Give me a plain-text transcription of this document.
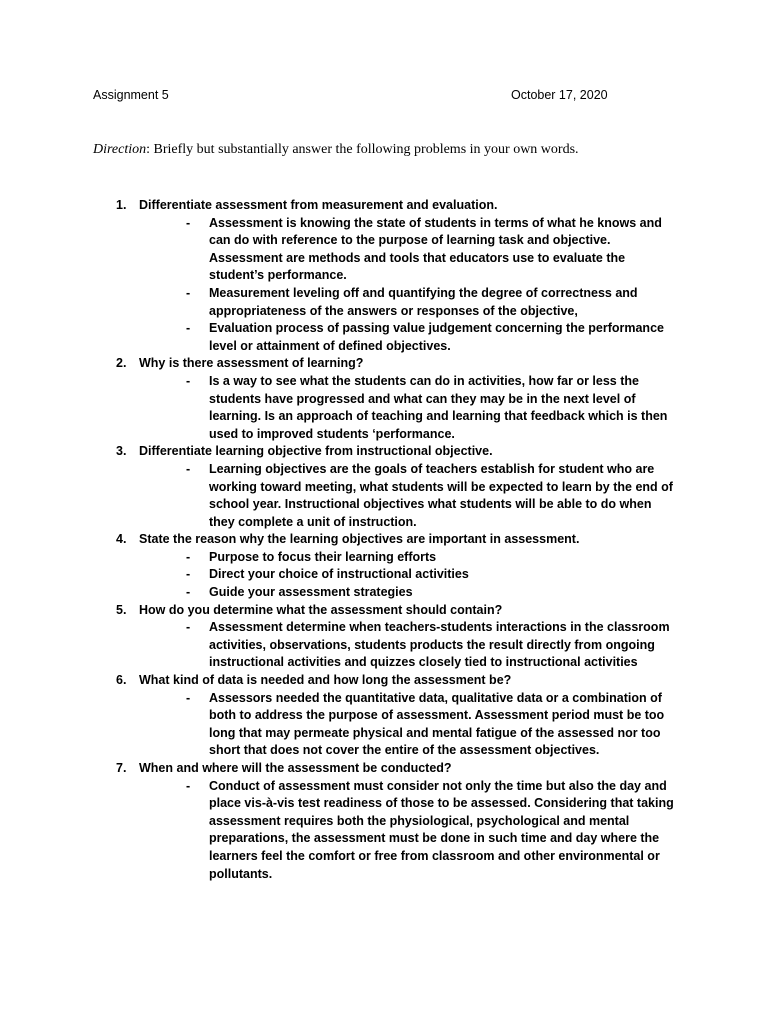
Assignment 5	October 17, 2020
Direction: Briefly but substantially answer the following problems in your own words.
1. Differentiate assessment from measurement and evaluation.
- Assessment is knowing the state of students in terms of what he knows and can do with reference to the purpose of learning task and objective. Assessment are methods and tools that educators use to evaluate the student’s performance.
- Measurement leveling off and quantifying the degree of correctness and appropriateness of the answers or responses of the objective,
- Evaluation process of passing value judgement concerning the performance level or attainment of defined objectives.
2. Why is there assessment of learning?
- Is a way to see what the students can do in activities, how far or less the students have progressed and what can they may be in the next level of learning. Is an approach of teaching and learning that feedback which is then used to improved students ‘performance.
3. Differentiate learning objective from instructional objective.
- Learning objectives are the goals of teachers establish for student who are working toward meeting, what students will be expected to learn by the end of school year. Instructional objectives what students will be able to do when they complete a unit of instruction.
4. State the reason why the learning objectives are important in assessment.
- Purpose to focus their learning efforts
- Direct your choice of instructional activities
- Guide your assessment strategies
5. How do you determine what the assessment should contain?
- Assessment determine when teachers-students interactions in the classroom activities, observations, students products the result directly from ongoing instructional activities and quizzes closely tied to instructional activities
6. What kind of data is needed and how long the assessment be?
- Assessors needed the quantitative data, qualitative data or a combination of both to address the purpose of assessment. Assessment period must be too long that may permeate physical and mental fatigue of the assessed nor too short that does not cover the entire of the assessment objectives.
7. When and where will the assessment be conducted?
- Conduct of assessment must consider not only the time but also the day and place vis-à-vis test readiness of those to be assessed. Considering that taking assessment requires both the physiological, psychological and mental preparations, the assessment must be done in such time and day where the learners feel the comfort or free from classroom and other environmental or pollutants.
